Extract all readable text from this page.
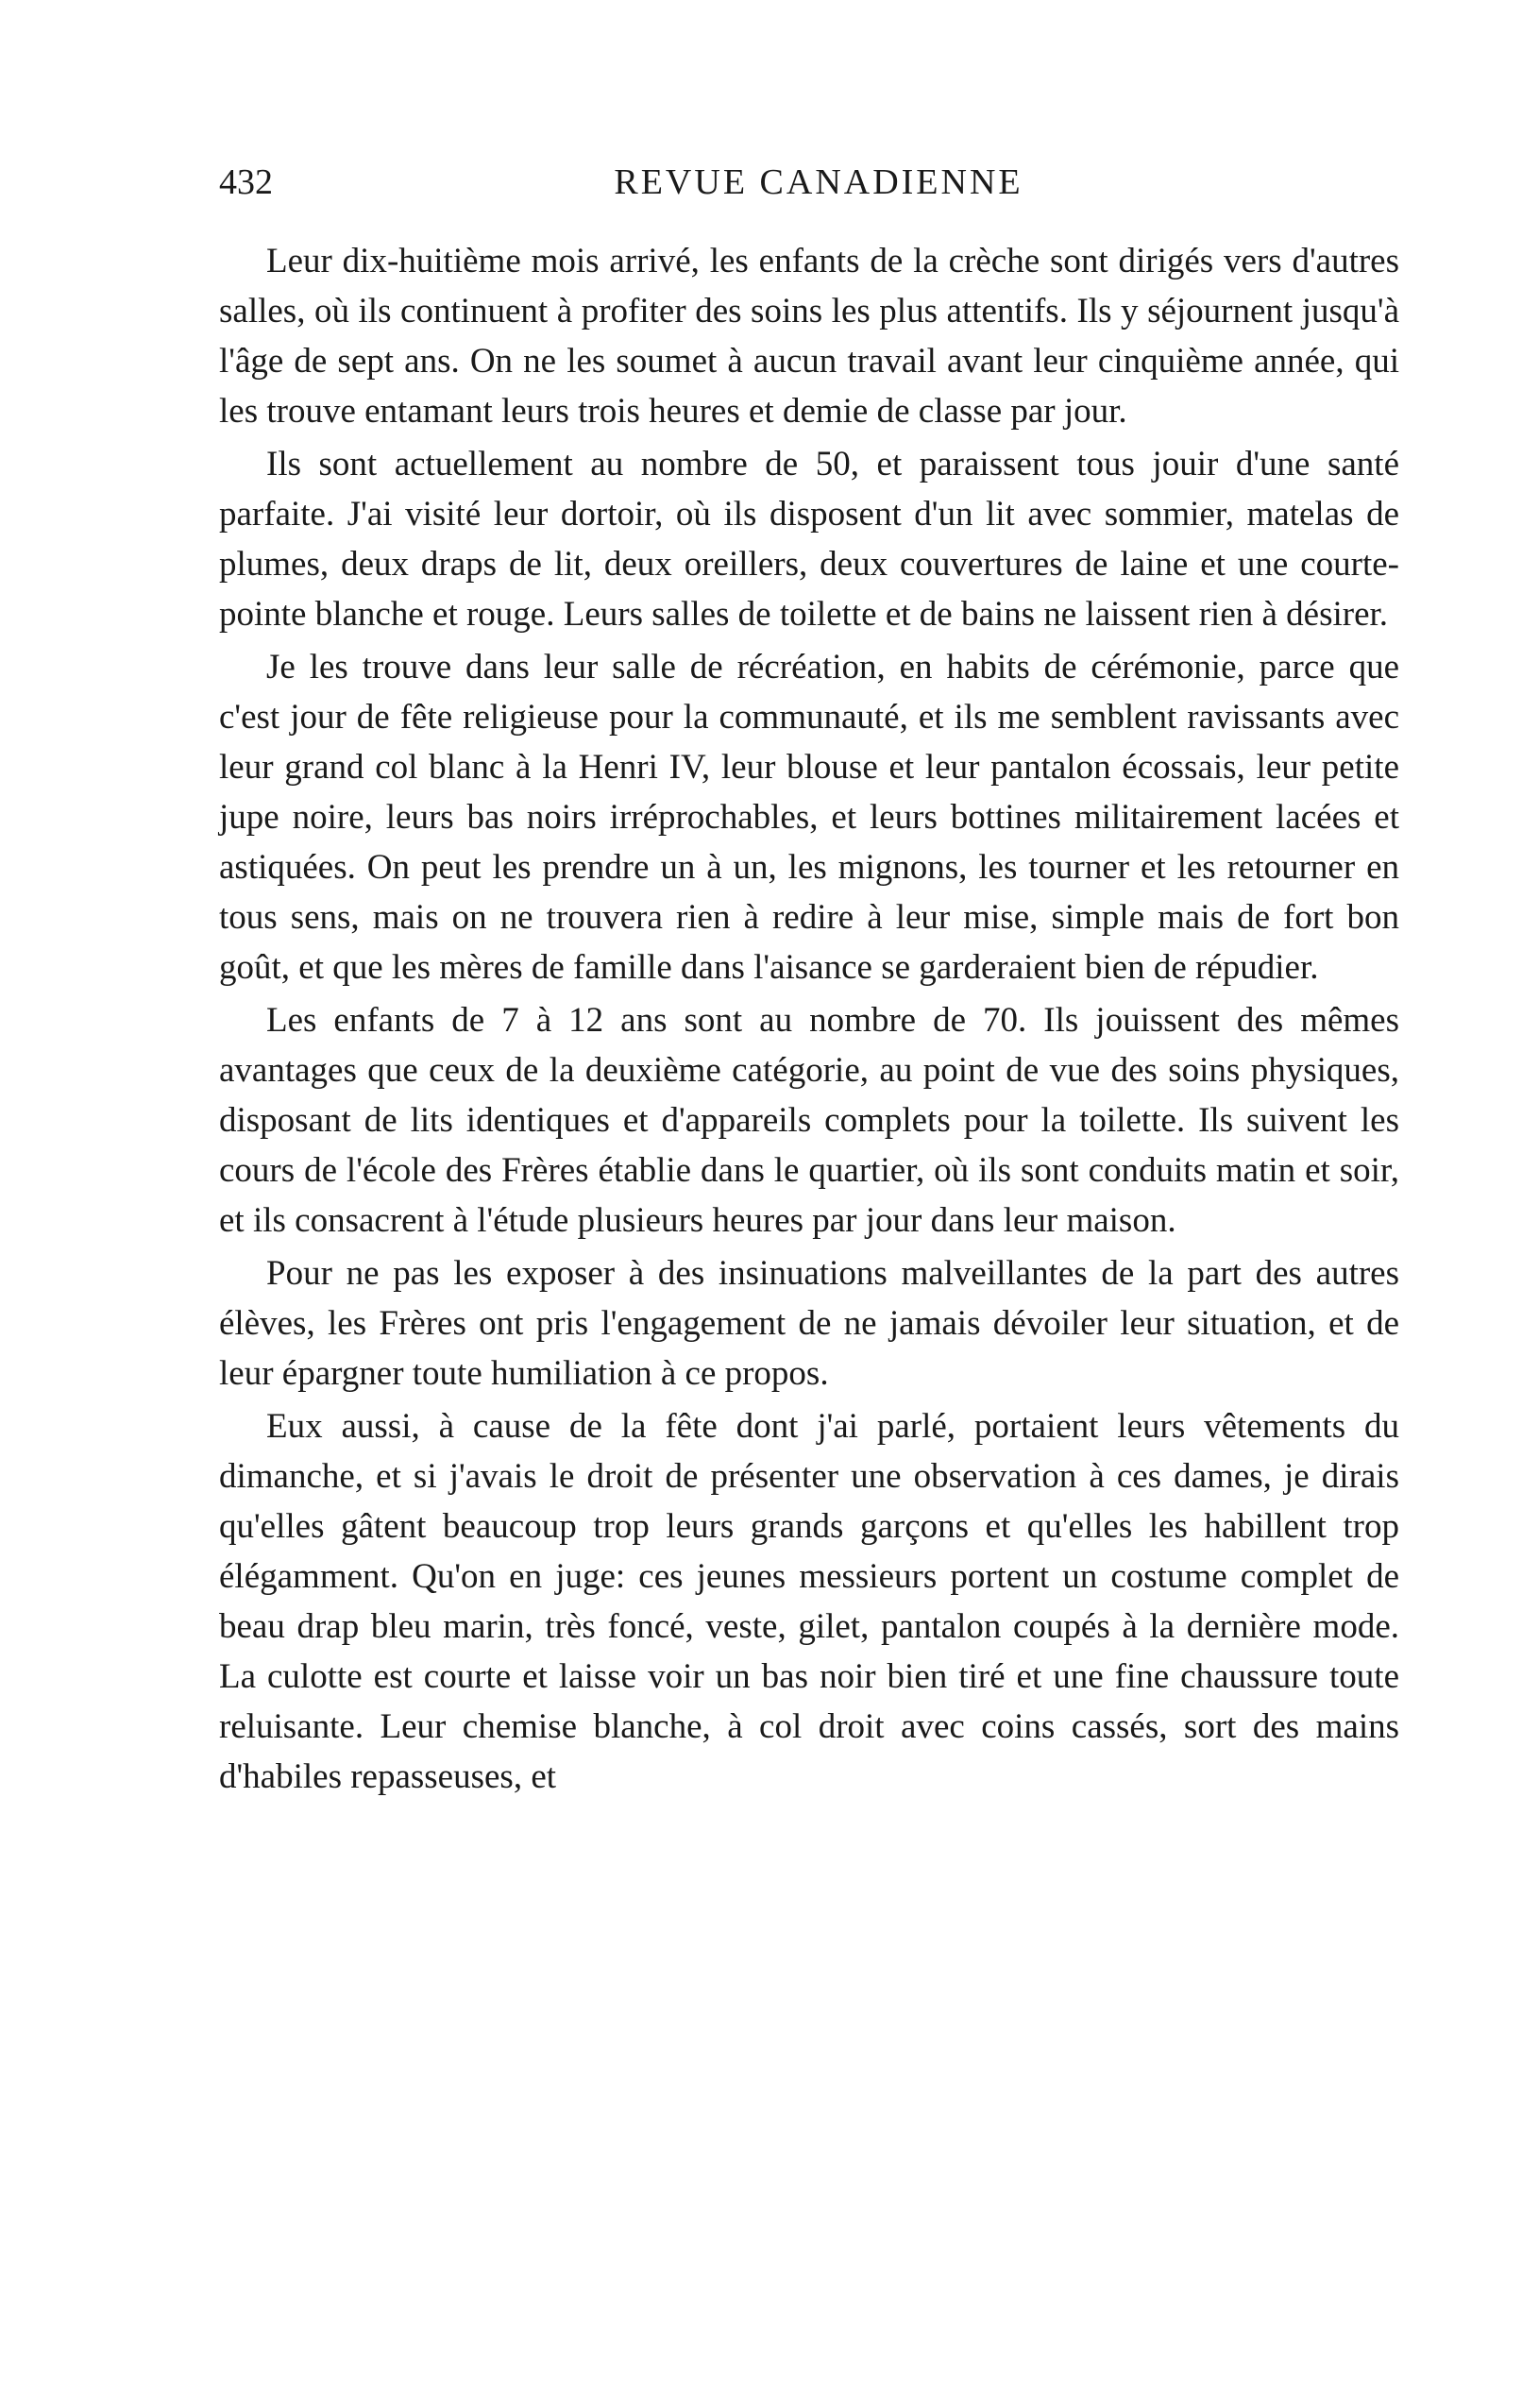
432	REVUE CANADIENNE

Leur dix-huitième mois arrivé, les enfants de la crèche sont dirigés vers d'autres salles, où ils continuent à profiter des soins les plus attentifs. Ils y séjournent jusqu'à l'âge de sept ans. On ne les soumet à aucun travail avant leur cinquième année, qui les trouve entamant leurs trois heures et demie de classe par jour.

Ils sont actuellement au nombre de 50, et paraissent tous jouir d'une santé parfaite. J'ai visité leur dortoir, où ils disposent d'un lit avec sommier, matelas de plumes, deux draps de lit, deux oreillers, deux couvertures de laine et une courte-pointe blanche et rouge. Leurs salles de toilette et de bains ne laissent rien à désirer.

Je les trouve dans leur salle de récréation, en habits de cérémonie, parce que c'est jour de fête religieuse pour la communauté, et ils me semblent ravissants avec leur grand col blanc à la Henri IV, leur blouse et leur pantalon écossais, leur petite jupe noire, leurs bas noirs irréprochables, et leurs bottines militairement lacées et astiquées. On peut les prendre un à un, les mignons, les tourner et les retourner en tous sens, mais on ne trouvera rien à redire à leur mise, simple mais de fort bon goût, et que les mères de famille dans l'aisance se garderaient bien de répudier.

Les enfants de 7 à 12 ans sont au nombre de 70. Ils jouissent des mêmes avantages que ceux de la deuxième catégorie, au point de vue des soins physiques, disposant de lits identiques et d'appareils complets pour la toilette. Ils suivent les cours de l'école des Frères établie dans le quartier, où ils sont conduits matin et soir, et ils consacrent à l'étude plusieurs heures par jour dans leur maison.

Pour ne pas les exposer à des insinuations malveillantes de la part des autres élèves, les Frères ont pris l'engagement de ne jamais dévoiler leur situation, et de leur épargner toute humiliation à ce propos.

Eux aussi, à cause de la fête dont j'ai parlé, portaient leurs vêtements du dimanche, et si j'avais le droit de présenter une observation à ces dames, je dirais qu'elles gâtent beaucoup trop leurs grands garçons et qu'elles les habillent trop élégamment. Qu'on en juge: ces jeunes messieurs portent un costume complet de beau drap bleu marin, très foncé, veste, gilet, pantalon coupés à la dernière mode. La culotte est courte et laisse voir un bas noir bien tiré et une fine chaussure toute reluisante. Leur chemise blanche, à col droit avec coins cassés, sort des mains d'habiles repasseuses, et
